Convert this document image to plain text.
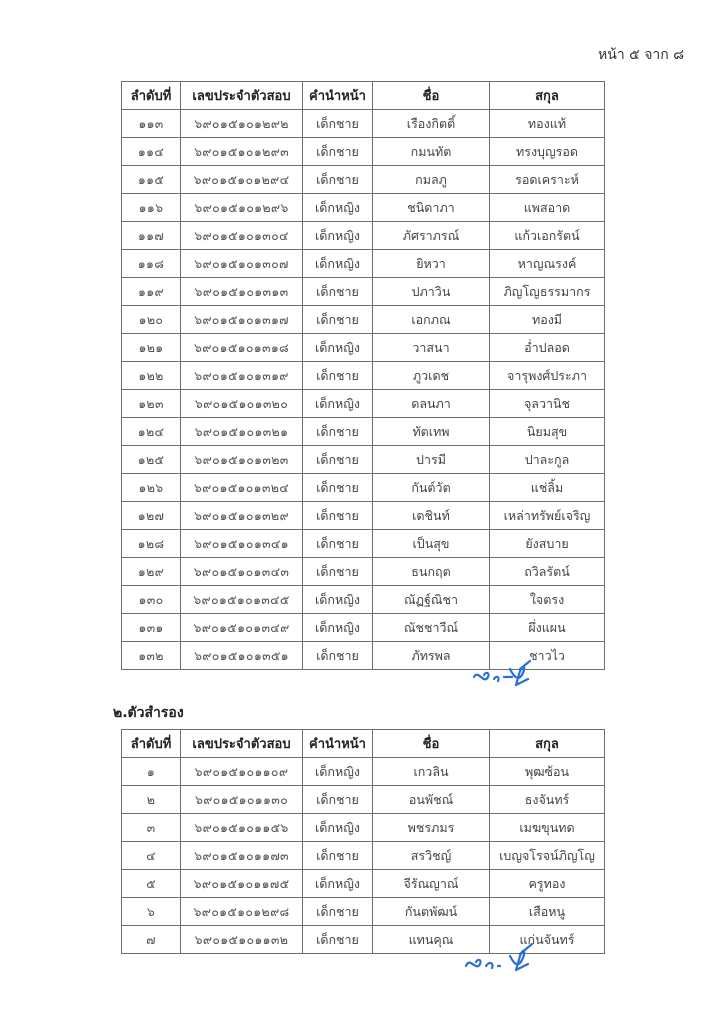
หน้า ๕ จาก ๘
ลำดับที่	เลขประจำตัวสอบ	คำนำหน้า	ชื่อ	สกุล
๑๑๓	๖๙๐๑๕๑๐๑๒๙๒	เด็กชาย	เรืองกิตติ์	ทองแท้
๑๑๔	๖๙๐๑๕๑๐๑๒๙๓	เด็กชาย	กมนทัต	ทรงบุญรอด
๑๑๕	๖๙๐๑๕๑๐๑๒๙๔	เด็กชาย	กมลภู	รอดเคราะห์
๑๑๖	๖๙๐๑๕๑๐๑๒๙๖	เด็กหญิง	ชนิดาภา	แพสอาด
๑๑๗	๖๙๐๑๕๑๐๑๓๐๔	เด็กหญิง	ภัศราภรณ์	แก้วเอกรัตน์
๑๑๘	๖๙๐๑๕๑๐๑๓๐๗	เด็กหญิง	ยิหวา	หาญณรงค์
๑๑๙	๖๙๐๑๕๑๐๑๓๑๓	เด็กชาย	ปภาวิน	ภิญโญธรรมากร
๑๒๐	๖๙๐๑๕๑๐๑๓๑๗	เด็กชาย	เอกภณ	ทองมี
๑๒๑	๖๙๐๑๕๑๐๑๓๑๘	เด็กหญิง	วาสนา	อ่ำปลอด
๑๒๒	๖๙๐๑๕๑๐๑๓๑๙	เด็กชาย	ภูวเดช	จารุพงศ์ประภา
๑๒๓	๖๙๐๑๕๑๐๑๓๒๐	เด็กหญิง	ดลนภา	จุลวานิช
๑๒๔	๖๙๐๑๕๑๐๑๓๒๑	เด็กชาย	ทัตเทพ	นิยมสุข
๑๒๕	๖๙๐๑๕๑๐๑๓๒๓	เด็กชาย	ปารมี	ปาละกูล
๑๒๖	๖๙๐๑๕๑๐๑๓๒๔	เด็กชาย	กันต์วัต	แช่ลิ้ม
๑๒๗	๖๙๐๑๕๑๐๑๓๒๙	เด็กชาย	เตชินท์	เหล่าทรัพย์เจริญ
๑๒๘	๖๙๐๑๕๑๐๑๓๔๑	เด็กชาย	เป็นสุข	ยังสบาย
๑๒๙	๖๙๐๑๕๑๐๑๓๔๓	เด็กชาย	ธนกฤต	ถวิลรัตน์
๑๓๐	๖๙๐๑๕๑๐๑๓๔๕	เด็กหญิง	ณัฏฐ์ณิชา	ใจตรง
๑๓๑	๖๙๐๑๕๑๐๑๓๔๙	เด็กหญิง	ณัชชาวีณ์	ผึ่งแผน
๑๓๒	๖๙๐๑๕๑๐๑๓๕๑	เด็กชาย	ภัทรพล	ชาวไว
๒.ตัวสำรอง
ลำดับที่	เลขประจำตัวสอบ	คำนำหน้า	ชื่อ	สกุล
๑	๖๙๐๑๕๑๐๑๑๐๙	เด็กหญิง	เกวลิน	พุฒซ้อน
๒	๖๙๐๑๕๑๐๑๑๓๐	เด็กชาย	อนพัชณ์	ธงจันทร์
๓	๖๙๐๑๕๑๐๑๑๕๖	เด็กหญิง	พชรภมร	เมฆขุนทด
๔	๖๙๐๑๕๑๐๑๑๗๓	เด็กชาย	สรวิชญ์	เบญจโรจน์ภิญโญ
๕	๖๙๐๑๕๑๐๑๑๗๕	เด็กหญิง	จีรัณญาณ์	ครูทอง
๖	๖๙๐๑๕๑๐๑๒๙๘	เด็กชาย	กันตพัฒน์	เสือหนู
๗	๖๙๐๑๕๑๐๑๑๓๒	เด็กชาย	แทนคุณ	แก่นจันทร์
